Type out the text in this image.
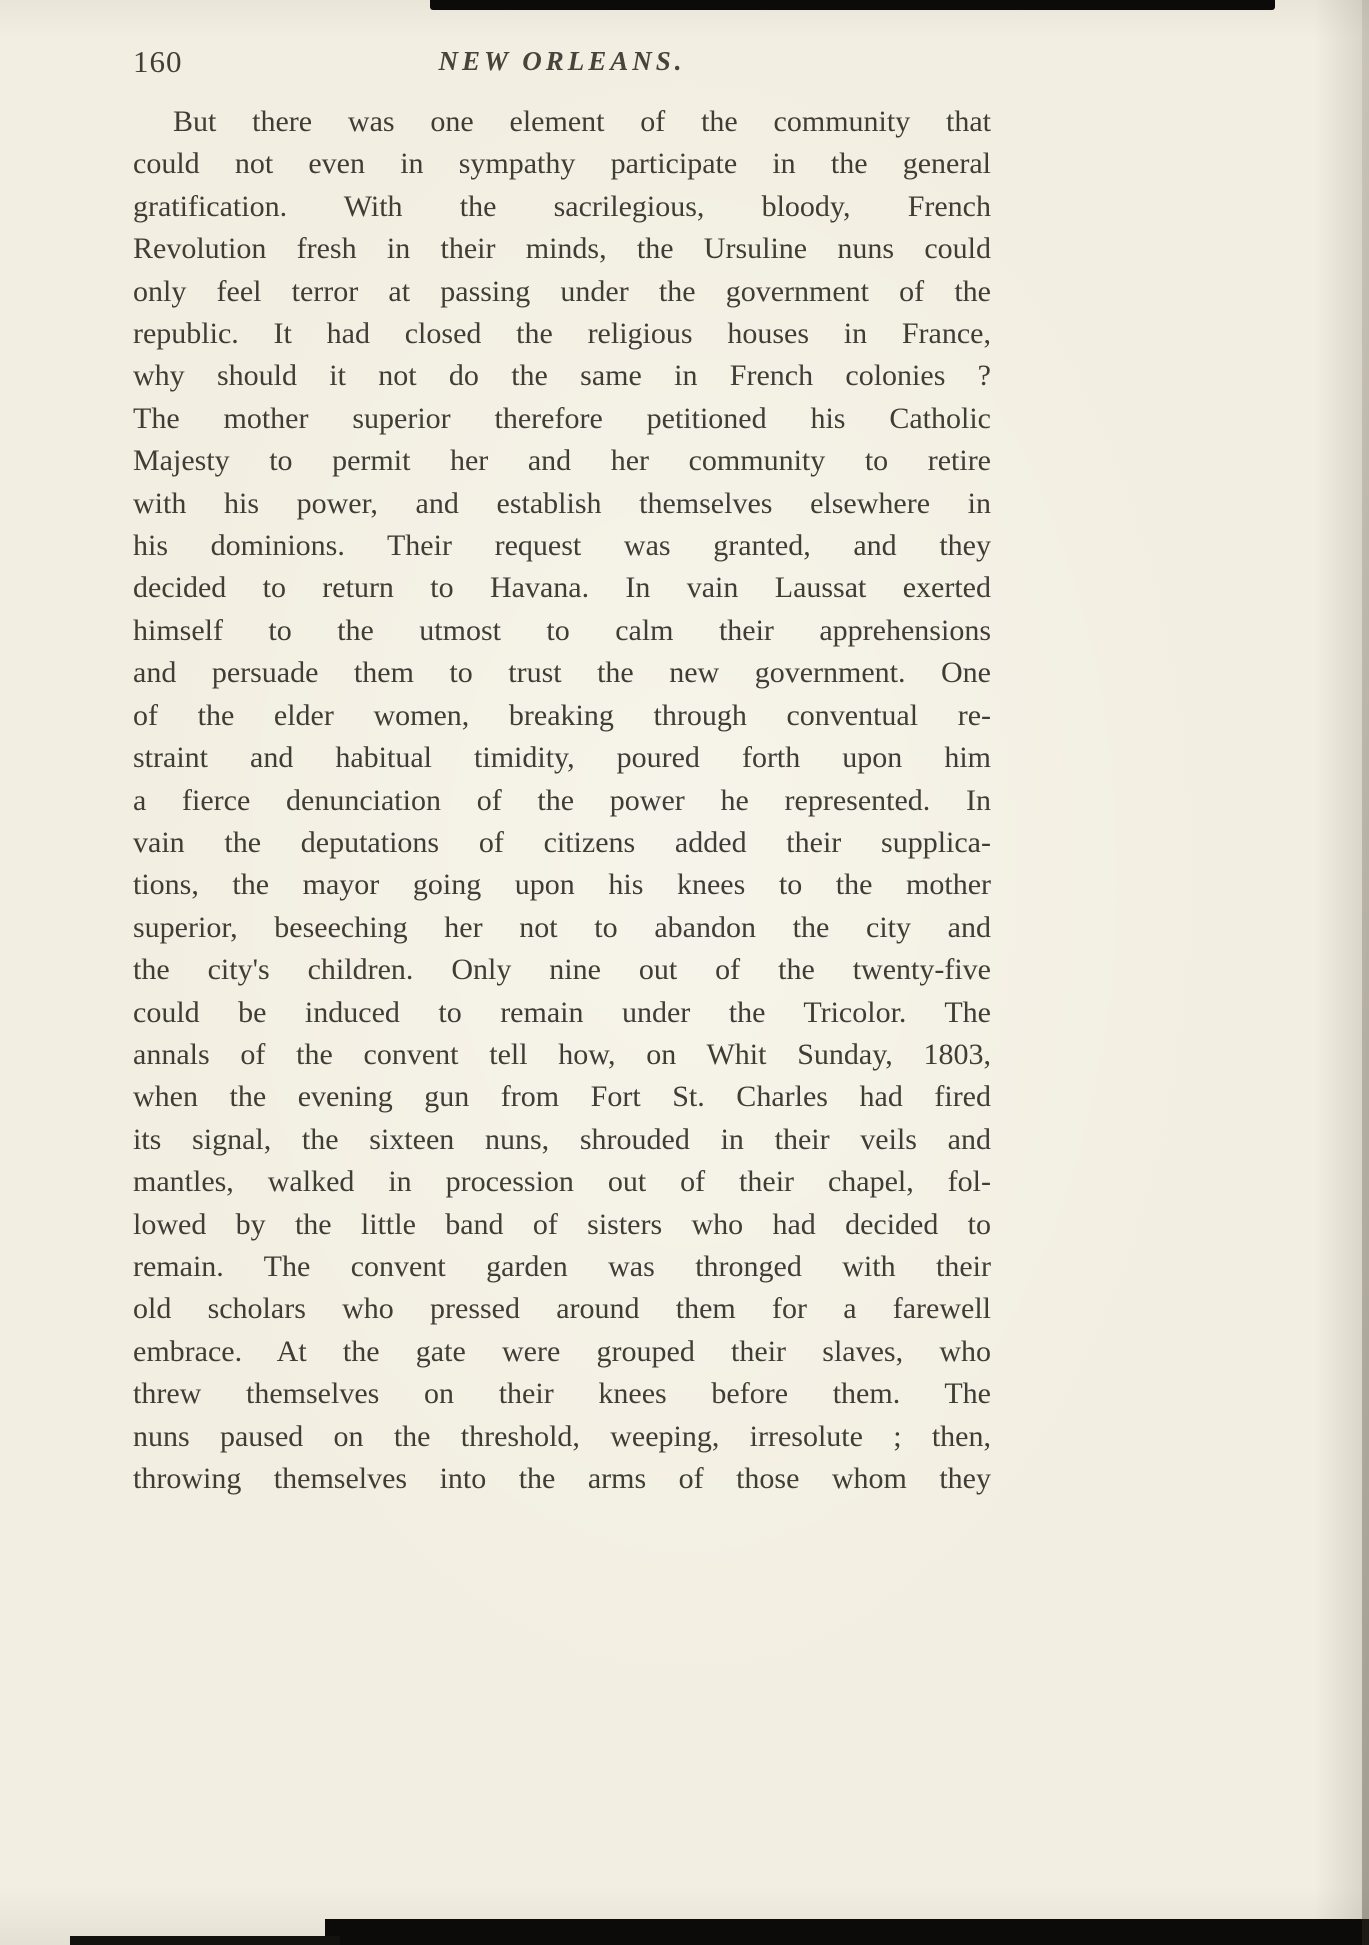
160	NEW ORLEANS.
But there was one element of the community that
could not even in sympathy participate in the general
gratification. With the sacrilegious, bloody, French
Revolution fresh in their minds, the Ursuline nuns could
only feel terror at passing under the government of the
republic. It had closed the religious houses in France,
why should it not do the same in French colonies ?
The mother superior therefore petitioned his Catholic
Majesty to permit her and her community to retire
with his power, and establish themselves elsewhere in
his dominions. Their request was granted, and they
decided to return to Havana. In vain Laussat exerted
himself to the utmost to calm their apprehensions
and persuade them to trust the new government. One
of the elder women, breaking through conventual re-
straint and habitual timidity, poured forth upon him
a fierce denunciation of the power he represented. In
vain the deputations of citizens added their supplica-
tions, the mayor going upon his knees to the mother
superior, beseeching her not to abandon the city and
the city's children. Only nine out of the twenty-five
could be induced to remain under the Tricolor. The
annals of the convent tell how, on Whit Sunday, 1803,
when the evening gun from Fort St. Charles had fired
its signal, the sixteen nuns, shrouded in their veils and
mantles, walked in procession out of their chapel, fol-
lowed by the little band of sisters who had decided to
remain. The convent garden was thronged with their
old scholars who pressed around them for a farewell
embrace. At the gate were grouped their slaves, who
threw themselves on their knees before them. The
nuns paused on the threshold, weeping, irresolute ; then,
throwing themselves into the arms of those whom they
